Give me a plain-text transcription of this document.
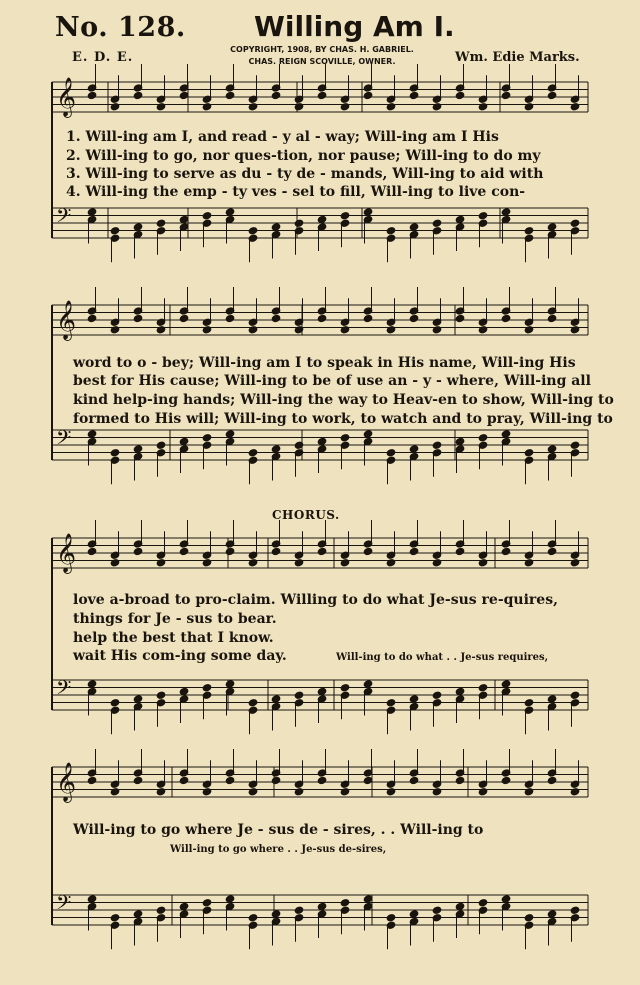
No. 128. Willing Am I.
E. D. E.
COPYRIGHT, 1908, BY CHAS. H. GABRIEL.
CHAS. REIGN SCOVILLE, OWNER.	Wm. Edie Marks.
𝄞
𝄢
𝄞
𝄢
𝄞
𝄢
𝄞
𝄢
1. Will-ing am I, and read - y al - way; Will-ing am I His
2. Will-ing to go, nor ques-tion, nor pause; Will-ing to do my
3. Will-ing to serve as du - ty de - mands, Will-ing to aid with
4. Will-ing the emp - ty ves - sel to fill, Will-ing to live con-
word to o - bey; Will-ing am I to speak in His name, Will-ing His
best for His cause; Will-ing to be of use an - y - where, Will-ing all
kind help-ing hands; Will-ing the way to Heav-en to show, Will-ing to
formed to His will; Will-ing to work, to watch and to pray, Will-ing to
CHORUS.
love a-broad to pro-claim. Willing to do what Je-sus re-quires,
things for Je - sus to bear.
help the best that I know.
wait His com-ing some day.	Will-ing to do what . . Je-sus requires,
Will-ing to go where Je - sus de - sires, . . Will-ing to
Will-ing to go where . . Je-sus de-sires,
